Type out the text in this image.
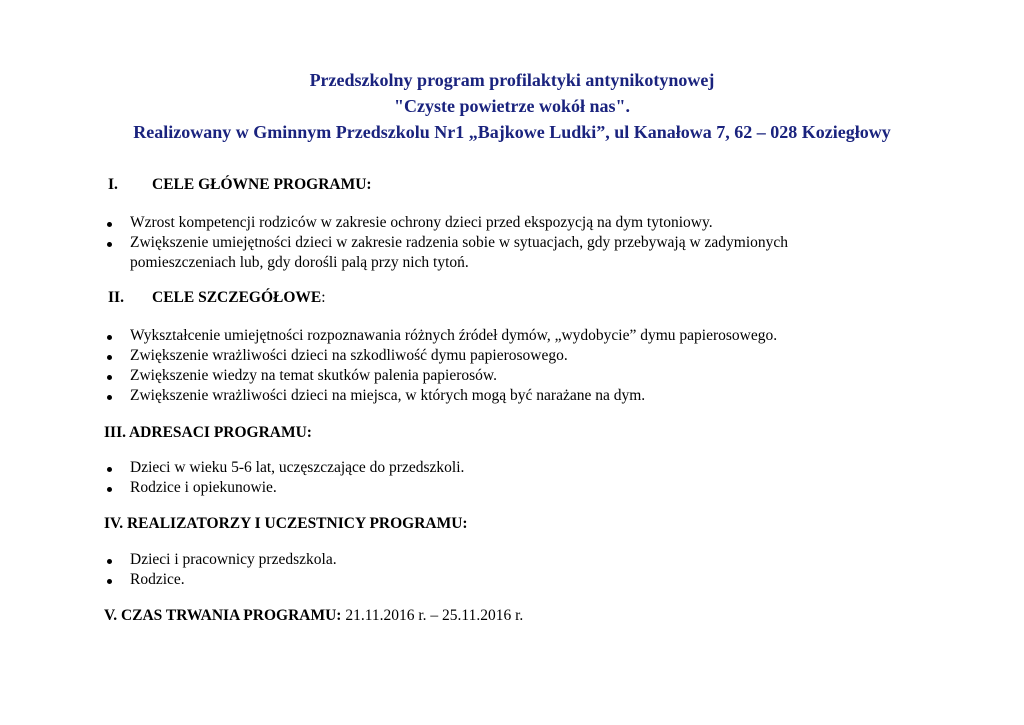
Przedszkolny program profilaktyki antynikotynowej
"Czyste powietrze wokół nas".
Realizowany w Gminnym Przedszkolu Nr1 „Bajkowe Ludki”, ul Kanałowa 7, 62 – 028 Koziegłowy
I. CELE GŁÓWNE PROGRAMU:
Wzrost kompetencji rodziców w zakresie ochrony dzieci przed ekspozycją na dym tytoniowy.
Zwiększenie umiejętności dzieci w zakresie radzenia sobie w sytuacjach, gdy przebywają w zadymionych pomieszczeniach lub, gdy dorośli palą przy nich tytoń.
II. CELE SZCZEGÓŁOWE:
Wykształcenie umiejętności rozpoznawania różnych źródeł dymów, „wydobycie” dymu papierosowego.
Zwiększenie wrażliwości dzieci na szkodliwość dymu papierosowego.
Zwiększenie wiedzy na temat skutków palenia papierosów.
Zwiększenie wrażliwości dzieci na miejsca, w których mogą być narażane na dym.
III. ADRESACI PROGRAMU:
Dzieci w wieku 5-6 lat, uczęszczające do przedszkoli.
Rodzice i opiekunowie.
IV. REALIZATORZY I UCZESTNICY PROGRAMU:
Dzieci i pracownicy przedszkola.
Rodzice.
V. CZAS TRWANIA PROGRAMU: 21.11.2016 r. – 25.11.2016 r.
